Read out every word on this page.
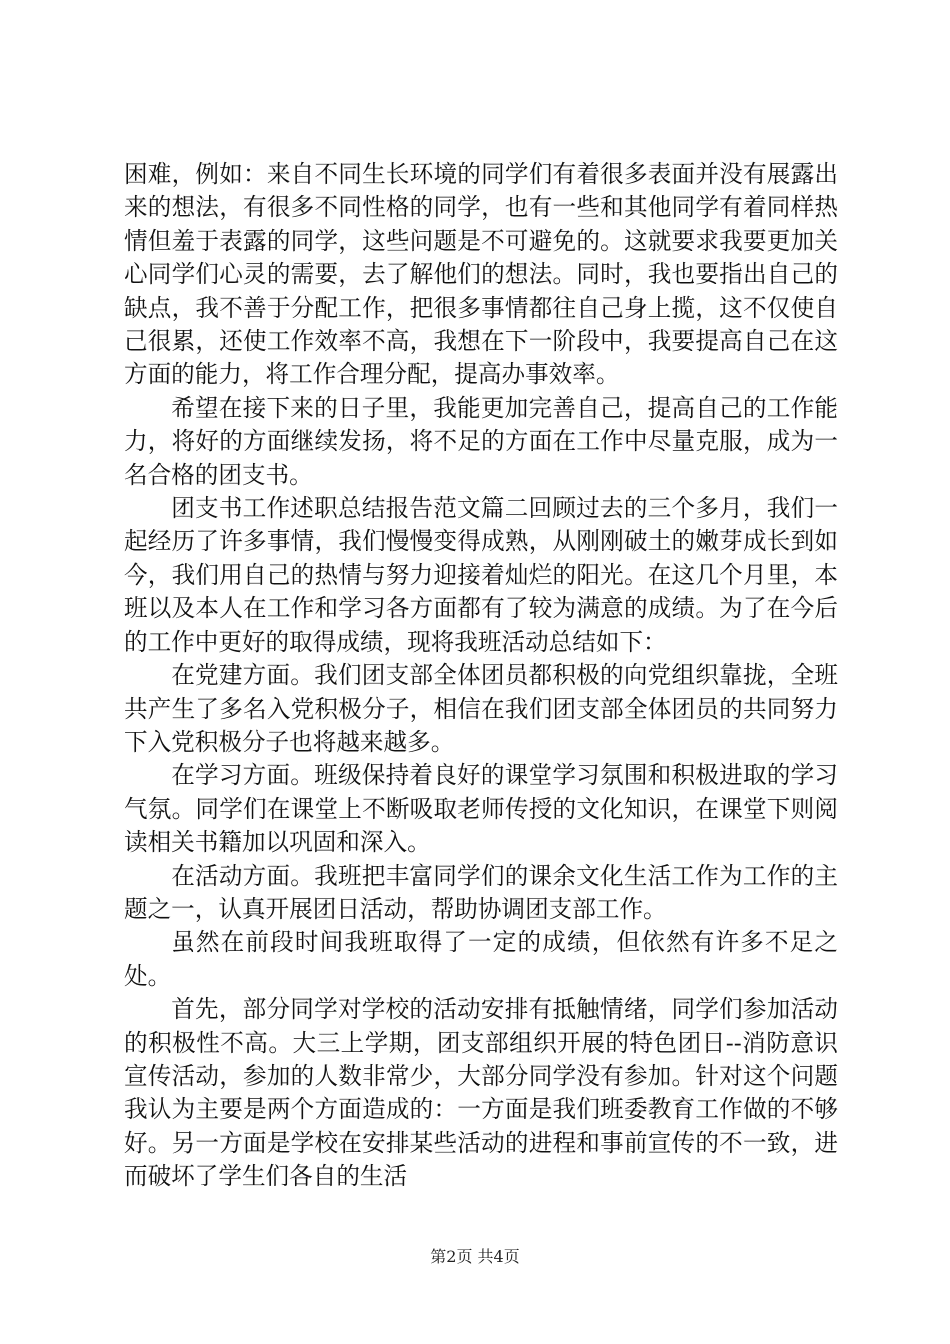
困难，例如：来自不同生长环境的同学们有着很多表面并没有展露出来的想法，有很多不同性格的同学，也有一些和其他同学有着同样热情但羞于表露的同学，这些问题是不可避免的。这就要求我要更加关心同学们心灵的需要，去了解他们的想法。同时，我也要指出自己的缺点，我不善于分配工作，把很多事情都往自己身上揽，这不仅使自己很累，还使工作效率不高，我想在下一阶段中，我要提高自己在这方面的能力，将工作合理分配，提高办事效率。

希望在接下来的日子里，我能更加完善自己，提高自己的工作能力，将好的方面继续发扬，将不足的方面在工作中尽量克服，成为一名合格的团支书。

团支书工作述职总结报告范文篇二回顾过去的三个多月，我们一起经历了许多事情，我们慢慢变得成熟，从刚刚破土的嫩芽成长到如今，我们用自己的热情与努力迎接着灿烂的阳光。在这几个月里，本班以及本人在工作和学习各方面都有了较为满意的成绩。为了在今后的工作中更好的取得成绩，现将我班活动总结如下：

在党建方面。我们团支部全体团员都积极的向党组织靠拢，全班共产生了多名入党积极分子，相信在我们团支部全体团员的共同努力下入党积极分子也将越来越多。

在学习方面。班级保持着良好的课堂学习氛围和积极进取的学习气氛。同学们在课堂上不断吸取老师传授的文化知识，在课堂下则阅读相关书籍加以巩固和深入。

在活动方面。我班把丰富同学们的课余文化生活工作为工作的主题之一，认真开展团日活动，帮助协调团支部工作。

虽然在前段时间我班取得了一定的成绩，但依然有许多不足之处。

首先，部分同学对学校的活动安排有抵触情绪，同学们参加活动的积极性不高。大三上学期，团支部组织开展的特色团日--消防意识宣传活动，参加的人数非常少，大部分同学没有参加。针对这个问题我认为主要是两个方面造成的：一方面是我们班委教育工作做的不够好。另一方面是学校在安排某些活动的进程和事前宣传的不一致，进而破坏了学生们各自的生活

第2页 共4页
